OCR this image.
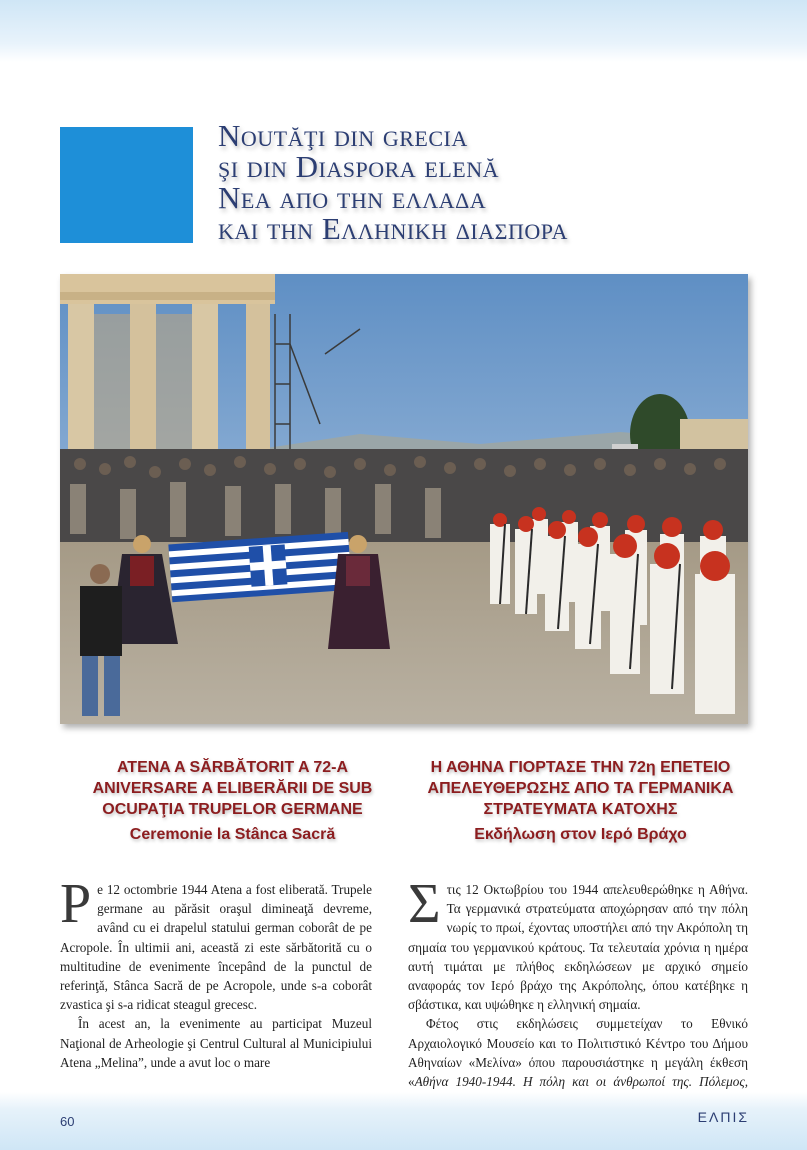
Noutăţi din grecia
şi din Diaspora elenă
Νεα απο την ελλαδα
και την Ελληνικη διασπορα
ATENA A SĂRBĂTORIT A 72-A
ANIVERSARE A ELIBERĂRII DE SUB
OCUPAŢIA TRUPELOR GERMANE
Ceremonie la Stânca Sacră
Η ΑΘΗΝΑ ΓΙΟΡΤΑΣΕ ΤΗΝ 72η ΕΠΕΤΕΙΟ
ΑΠΕΛΕΥΘΕΡΩΣΗΣ ΑΠΟ ΤΑ ΓΕΡΜΑΝΙΚΑ
ΣΤΡΑΤΕΥΜΑΤΑ ΚΑΤΟΧΗΣ
Εκδήλωση στον Ιερό Βράχο

Pe 12 octombrie 1944 Atena a fost eliberată. Trupele germane au părăsit oraşul dimineaţă devreme, având cu ei drapelul statului german coborât de pe Acropole. În ultimii ani, această zi este sărbătorită cu o multitudine de evenimente începând de la punctul de referinţă, Stânca Sacră de pe Acropole, unde s-a coborât zvastica şi s-a ridicat steagul grecesc.

În acest an, la evenimente au participat Muzeul Naţional de Arheologie şi Centrul Cultural al Municipiului Atena „Melina”, unde a avut loc o mare

Στις 12 Οκτωβρίου του 1944 απελευθερώθηκε η Αθήνα. Τα γερμανικά στρατεύματα αποχώρησαν από την πόλη νωρίς το πρωί, έχοντας υποστήλει από την Ακρόπολη τη σημαία του γερμανικού κράτους. Τα τελευταία χρόνια η ημέρα αυτή τιμάται με πλήθος εκδηλώσεων με αρχικό σημείο αναφοράς τον Ιερό βράχο της Ακρόπολης, όπου κατέβηκε η σβάστικα, και υψώθηκε η ελληνική σημαία.

Φέτος στις εκδηλώσεις συμμετείχαν το Εθνικό Αρχαιολογικό Μουσείο και το Πολιτιστικό Κέντρο του Δήμου Αθηναίων «Μελίνα» όπου παρουσιάστηκε η μεγάλη έκθεση «Αθήνα 1940-1944. Η πόλη και οι άνθρωποί της. Πόλεμος,

60	ΕΛΠΙΣ
